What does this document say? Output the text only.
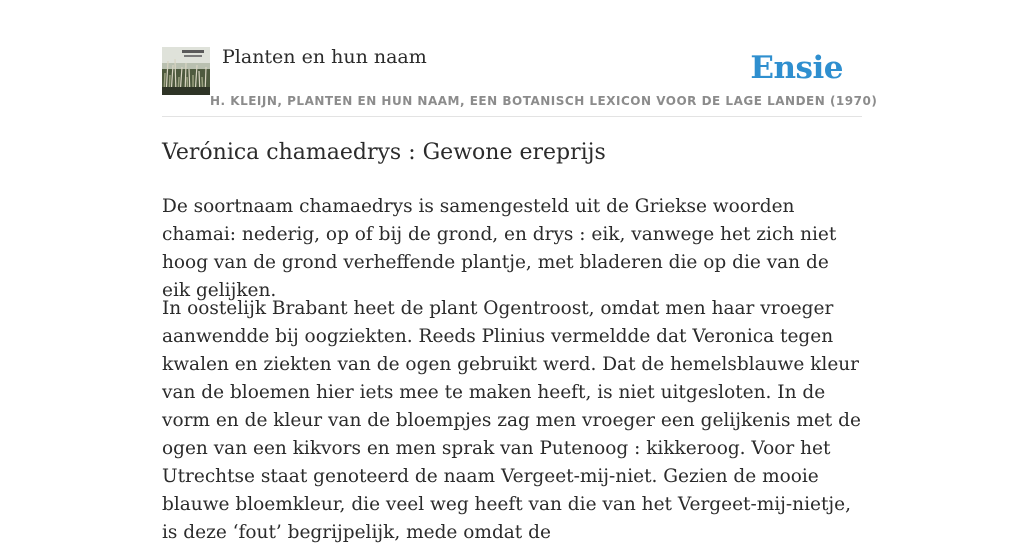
Planten en hun naam	Ensie
H. KLEIJN, PLANTEN EN HUN NAAM, EEN BOTANISCH LEXICON VOOR DE LAGE LANDEN (1970)
Verónica chamaedrys : Gewone ereprijs

De soortnaam chamaedrys is samengesteld uit de Griekse woorden chamai: nederig, op of bij de grond, en drys : eik, vanwege het zich niet hoog van de grond verheffende plantje, met bladeren die op die van de eik gelijken.

In oostelijk Brabant heet de plant Ogentroost, omdat men haar vroeger aanwendde bij oogziekten. Reeds Plinius vermeldde dat Veronica tegen kwalen en ziekten van de ogen gebruikt werd. Dat de hemelsblauwe kleur van de bloemen hier iets mee te maken heeft, is niet uitgesloten. In de vorm en de kleur van de bloempjes zag men vroeger een gelijkenis met de ogen van een kikvors en men sprak van Putenoog : kikkeroog. Voor het Utrechtse staat genoteerd de naam Vergeet-mij-niet. Gezien de mooie blauwe bloemkleur, die veel weg heeft van die van het Vergeet-mij-nietje, is deze ‘fout’ begrijpelijk, mede omdat de
